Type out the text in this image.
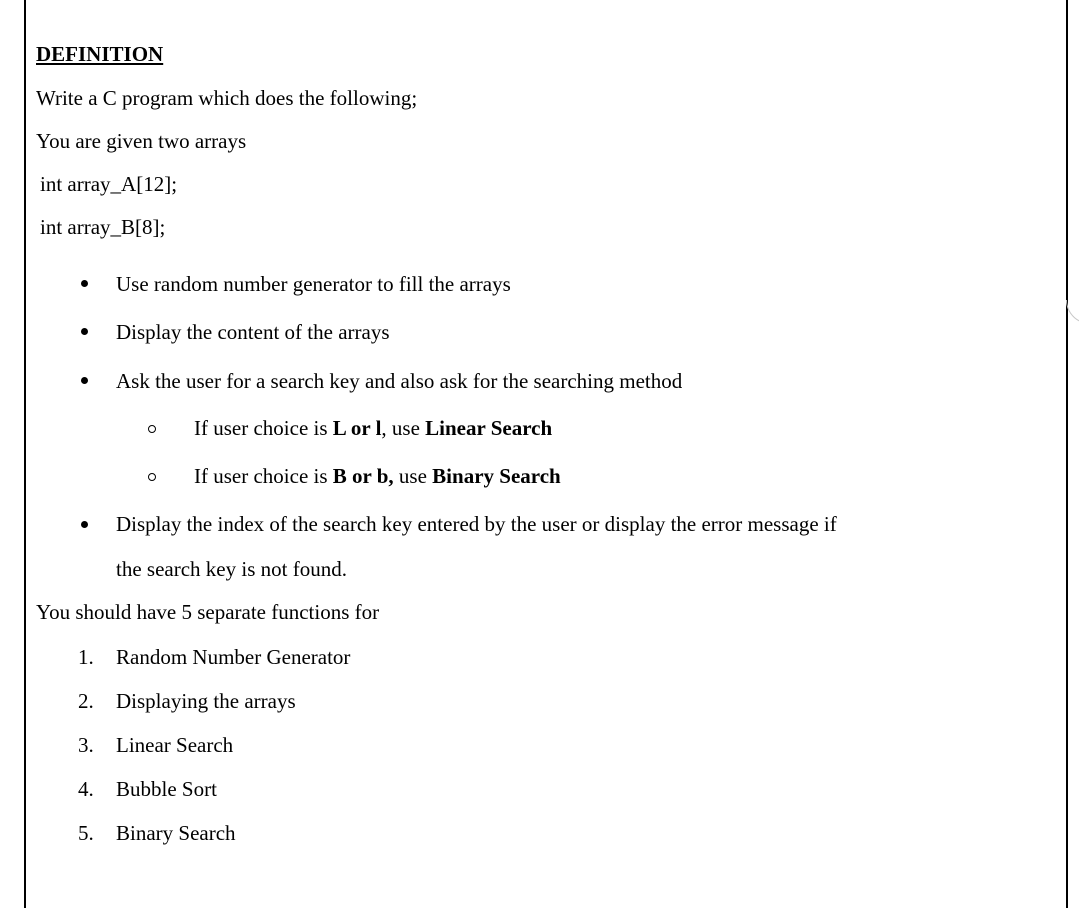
DEFINITION
Write a C program which does the following;
You are given two arrays
int array_A[12];
int array_B[8];
Use random number generator to fill the arrays
Display the content of the arrays
Ask the user for a search key and also ask for the searching method
If user choice is L or l, use Linear Search
If user choice is B or b, use Binary Search
Display the index of the search key entered by the user or display the error message if
the search key is not found.
You should have 5 separate functions for
1. Random Number Generator
2. Displaying the arrays
3. Linear Search
4. Bubble Sort
5. Binary Search
